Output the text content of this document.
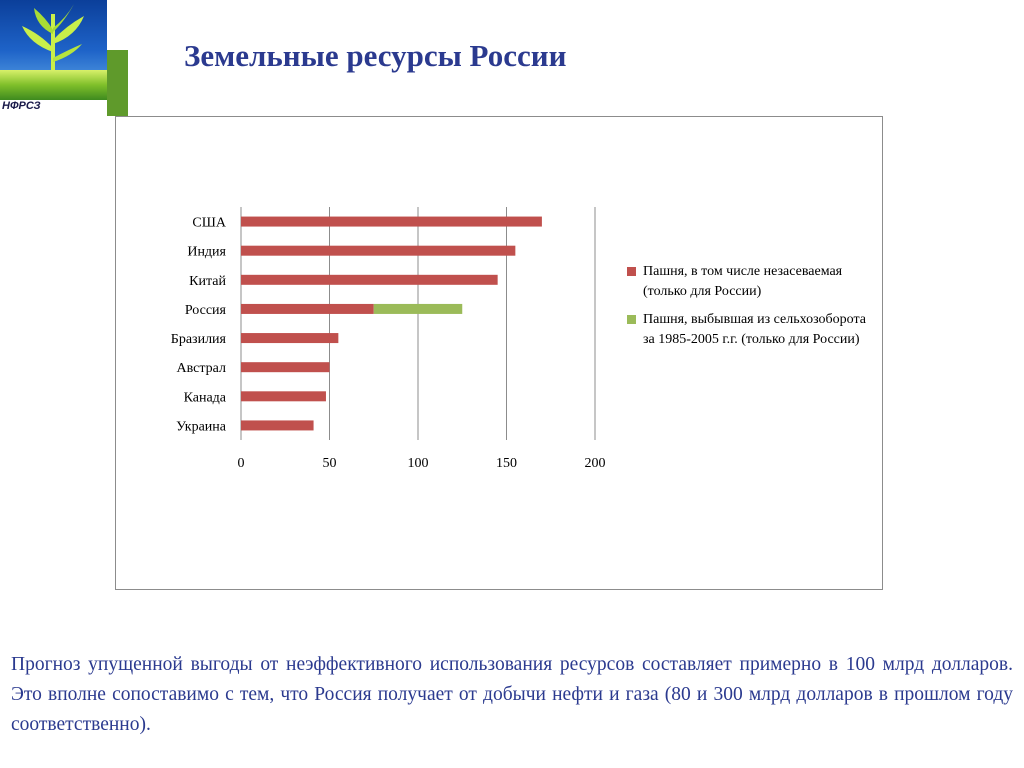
НФРСЗ
Земельные ресурсы России
0	50	100	150	200
США
Индия
Китай
Россия
Бразилия
Австрал
Канада
Украина
Пашня, в том числе незасеваемая (только для России)
Пашня, выбывшая из сельхозоборота за 1985-2005 г.г. (только для России)
Прогноз упущенной выгоды от неэффективного использования ресурсов составляет примерно в 100 млрд долларов. Это вполне сопоставимо с тем, что Россия получает от добычи нефти и газа (80 и 300 млрд долларов в прошлом году соответственно).
